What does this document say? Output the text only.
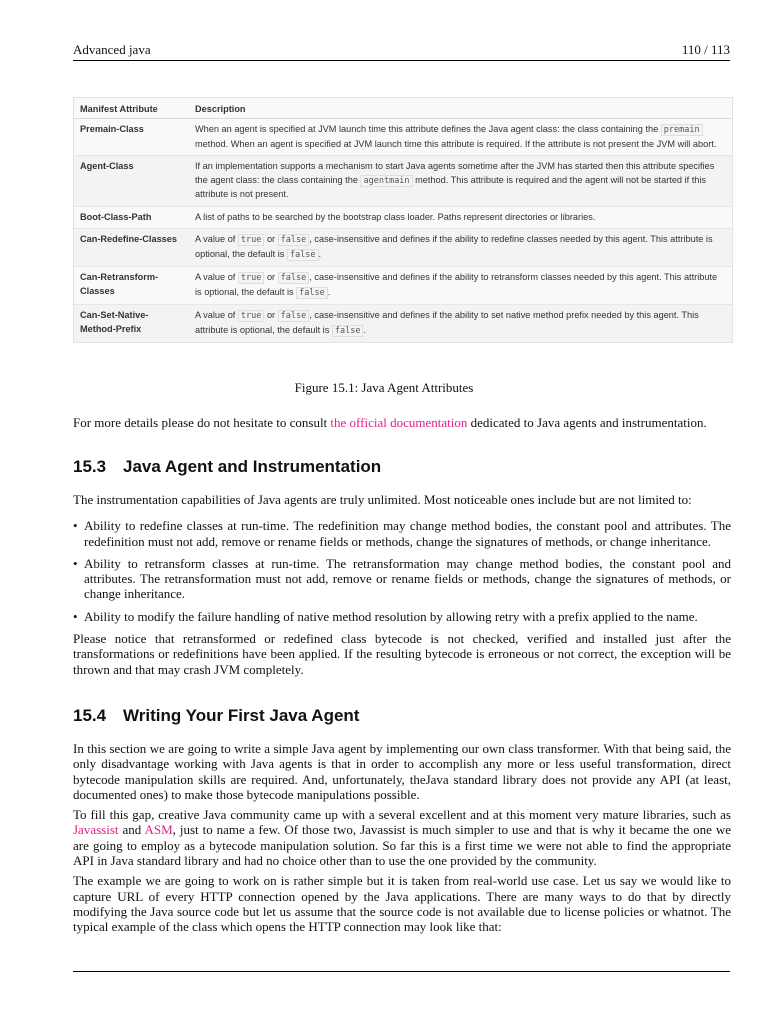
Advanced java	110 / 113
Manifest Attribute	Description
Premain-Class	When an agent is specified at JVM launch time this attribute defines the Java agent class: the class containing the premain method. When an agent is specified at JVM launch time this attribute is required. If the attribute is not present the JVM will abort.
Agent-Class	If an implementation supports a mechanism to start Java agents sometime after the JVM has started then this attribute specifies the agent class: the class containing the agentmain method. This attribute is required and the agent will not be started if this attribute is not present.
Boot-Class-Path	A list of paths to be searched by the bootstrap class loader. Paths represent directories or libraries.
Can-Redefine-Classes	A value of true or false , case-insensitive and defines if the ability to redefine classes needed by this agent. This attribute is optional, the default is false .
Can-Retransform-Classes	A value of true or false , case-insensitive and defines if the ability to retransform classes needed by this agent. This attribute is optional, the default is false .
Can-Set-Native-Method-Prefix	A value of true or false , case-insensitive and defines if the ability to set native method prefix needed by this agent. This attribute is optional, the default is false .
Figure 15.1: Java Agent Attributes

For more details please do not hesitate to consult the official documentation dedicated to Java agents and instrumentation.

15.3 Java Agent and Instrumentation

The instrumentation capabilities of Java agents are truly unlimited. Most noticeable ones include but are not limited to:

• Ability to redefine classes at run-time. The redefinition may change method bodies, the constant pool and attributes. The redefinition must not add, remove or rename fields or methods, change the signatures of methods, or change inheritance.
• Ability to retransform classes at run-time. The retransformation may change method bodies, the constant pool and attributes. The retransformation must not add, remove or rename fields or methods, change the signatures of methods, or change inheritance.
• Ability to modify the failure handling of native method resolution by allowing retry with a prefix applied to the name.

Please notice that retransformed or redefined class bytecode is not checked, verified and installed just after the transformations or redefinitions have been applied. If the resulting bytecode is erroneous or not correct, the exception will be thrown and that may crash JVM completely.

15.4 Writing Your First Java Agent

In this section we are going to write a simple Java agent by implementing our own class transformer. With that being said, the only disadvantage working with Java agents is that in order to accomplish any more or less useful transformation, direct bytecode manipulation skills are required. And, unfortunately, theJava standard library does not provide any API (at least, documented ones) to make those bytecode manipulations possible.

To fill this gap, creative Java community came up with a several excellent and at this moment very mature libraries, such as Javassist and ASM, just to name a few. Of those two, Javassist is much simpler to use and that is why it became the one we are going to employ as a bytecode manipulation solution. So far this is a first time we were not able to find the appropriate API in Java standard library and had no choice other than to use the one provided by the community.

The example we are going to work on is rather simple but it is taken from real-world use case. Let us say we would like to capture URL of every HTTP connection opened by the Java applications. There are many ways to do that by directly modifying the Java source code but let us assume that the source code is not available due to license policies or whatnot. The typical example of the class which opens the HTTP connection may look like that:
